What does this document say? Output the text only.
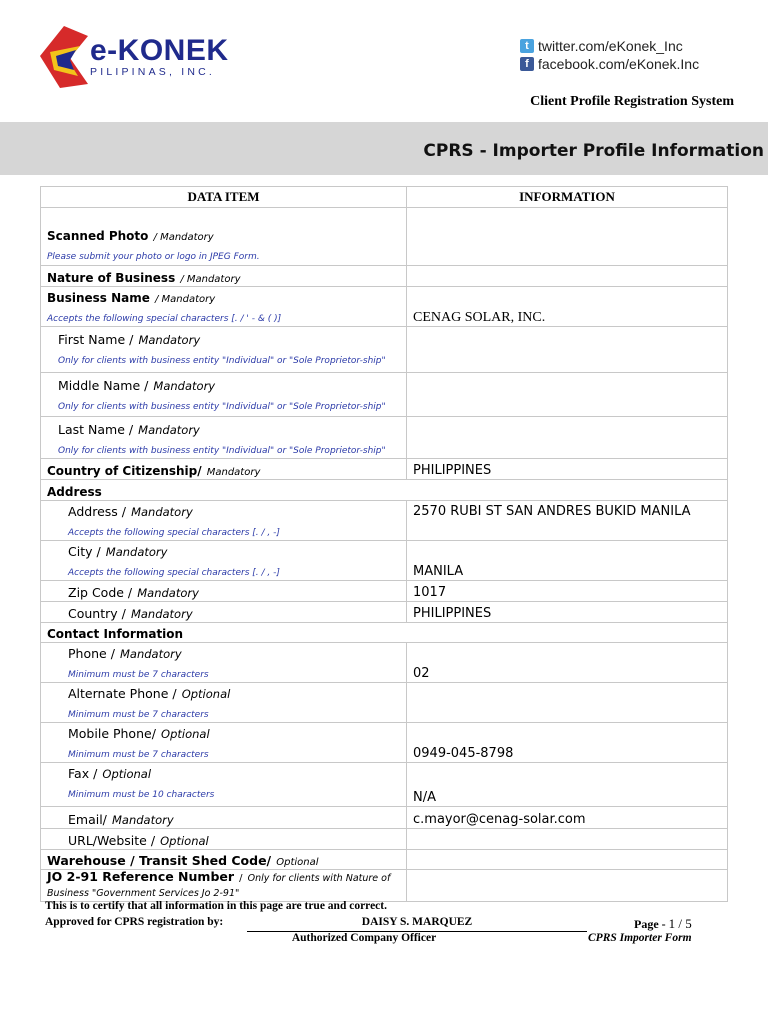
e-KONEK
PILIPINAS, INC.
t twitter.com/eKonek_Inc
f facebook.com/eKonek.Inc
Client Profile Registration System
CPRS - Importer Profile Information
DATA ITEM	INFORMATION
Scanned Photo / Mandatory
Please submit your photo or logo in JPEG Form.	
Nature of Business / Mandatory	
Business Name / Mandatory
Accepts the following special characters [. / ' - & ( )]	CENAG SOLAR, INC.
First Name / Mandatory
Only for clients with business entity "Individual" or "Sole Proprietor-ship"	
Middle Name / Mandatory
Only for clients with business entity "Individual" or "Sole Proprietor-ship"	
Last Name / Mandatory
Only for clients with business entity "Individual" or "Sole Proprietor-ship"	
Country of Citizenship/ Mandatory	PHILIPPINES
Address	
Address / Mandatory
Accepts the following special characters [. / , -]	2570 RUBI ST SAN ANDRES BUKID MANILA
City / Mandatory
Accepts the following special characters [. / , -]	MANILA
Zip Code / Mandatory	1017
Country / Mandatory	PHILIPPINES
Contact Information	
Phone / Mandatory
Minimum must be 7 characters	02
Alternate Phone / Optional
Minimum must be 7 characters	
Mobile Phone/ Optional
Minimum must be 7 characters	0949-045-8798
Fax / Optional
Minimum must be 10 characters	N/A
Email/ Mandatory	c.mayor@cenag-solar.com
URL/Website / Optional	
Warehouse / Transit Shed Code/ Optional	
JO 2-91 Reference Number / Only for clients with Nature of Business "Government Services Jo 2-91"	
This is to certify that all information in this page are true and correct.
Approved for CPRS registration by:	DAISY S. MARQUEZ
Authorized Company Officer
Page - 1 / 5
CPRS Importer Form
